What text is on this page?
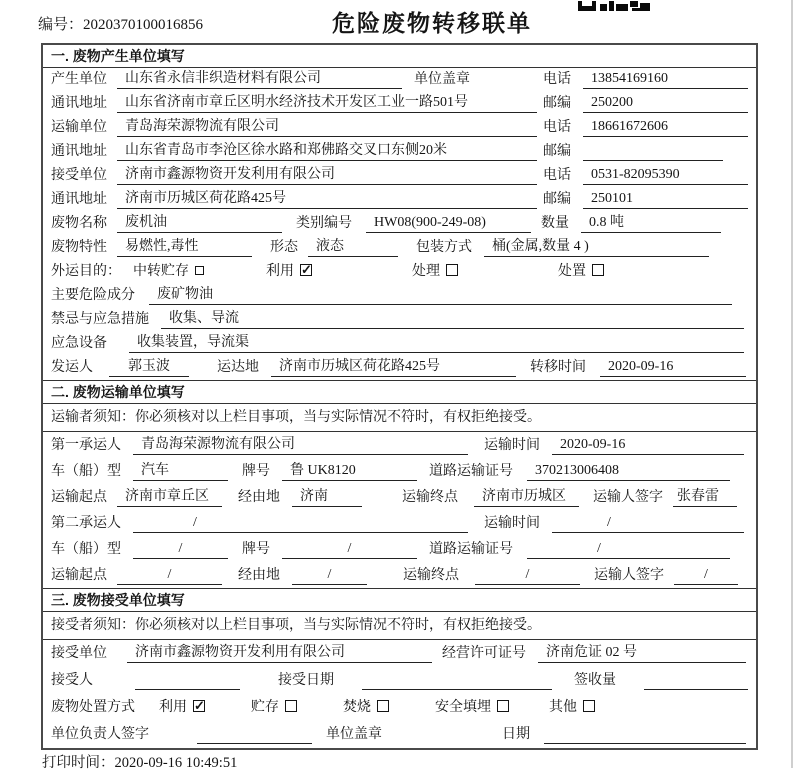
编号：2020370100016856	危险废物转移联单
一. 废物产生单位填写
产生单位	山东省永信非织造材料有限公司	单位盖章	电话	13854169160
通讯地址	山东省济南市章丘区明水经济技术开发区工业一路501号	邮编	250200
运输单位	青岛海荣源物流有限公司	电话	18661672606
通讯地址	山东省青岛市李沧区徐水路和郑佛路交叉口东侧20米	邮编
接受单位	济南市鑫源物资开发利用有限公司	电话	0531-82095390
通讯地址	济南市历城区荷花路425号	邮编	250101
废物名称	废机油	类别编号	HW08(900-249-08)	数量	0.8 吨
废物特性	易燃性,毒性	形态	液态	包装方式	桶(金属,数量 4 )
外运目的： 中转贮存	利用 ✓	处理	处置
主要危险成分	废矿物油
禁忌与应急措施	收集、导流
应急设备	收集装置，导流渠
发运人	郭玉波	运达地	济南市历城区荷花路425号	转移时间	2020-09-16
二. 废物运输单位填写
运输者须知：你必须核对以上栏目事项，当与实际情况不符时，有权拒绝接受。
第一承运人	青岛海荣源物流有限公司	运输时间	2020-09-16
车（船）型	汽车	牌号	鲁 UK8120	道路运输证号	370213006408
运输起点	济南市章丘区	经由地	济南	运输终点	济南市历城区	运输人签字 张春雷
第二承运人	/	运输时间	/
车（船）型	/	牌号	/	道路运输证号	/
运输起点	/	经由地	/	运输终点	/	运输人签字	/
三. 废物接受单位填写
接受者须知：你必须核对以上栏目事项，当与实际情况不符时，有权拒绝接受。
接受单位	济南市鑫源物资开发利用有限公司	经营许可证号	济南危证 02 号
接受人	接受日期	签收量
废物处置方式 利用 ✓	贮存	焚烧	安全填埋	其他
单位负责人签字	单位盖章	日期
打印时间：2020-09-16 10:49:51
